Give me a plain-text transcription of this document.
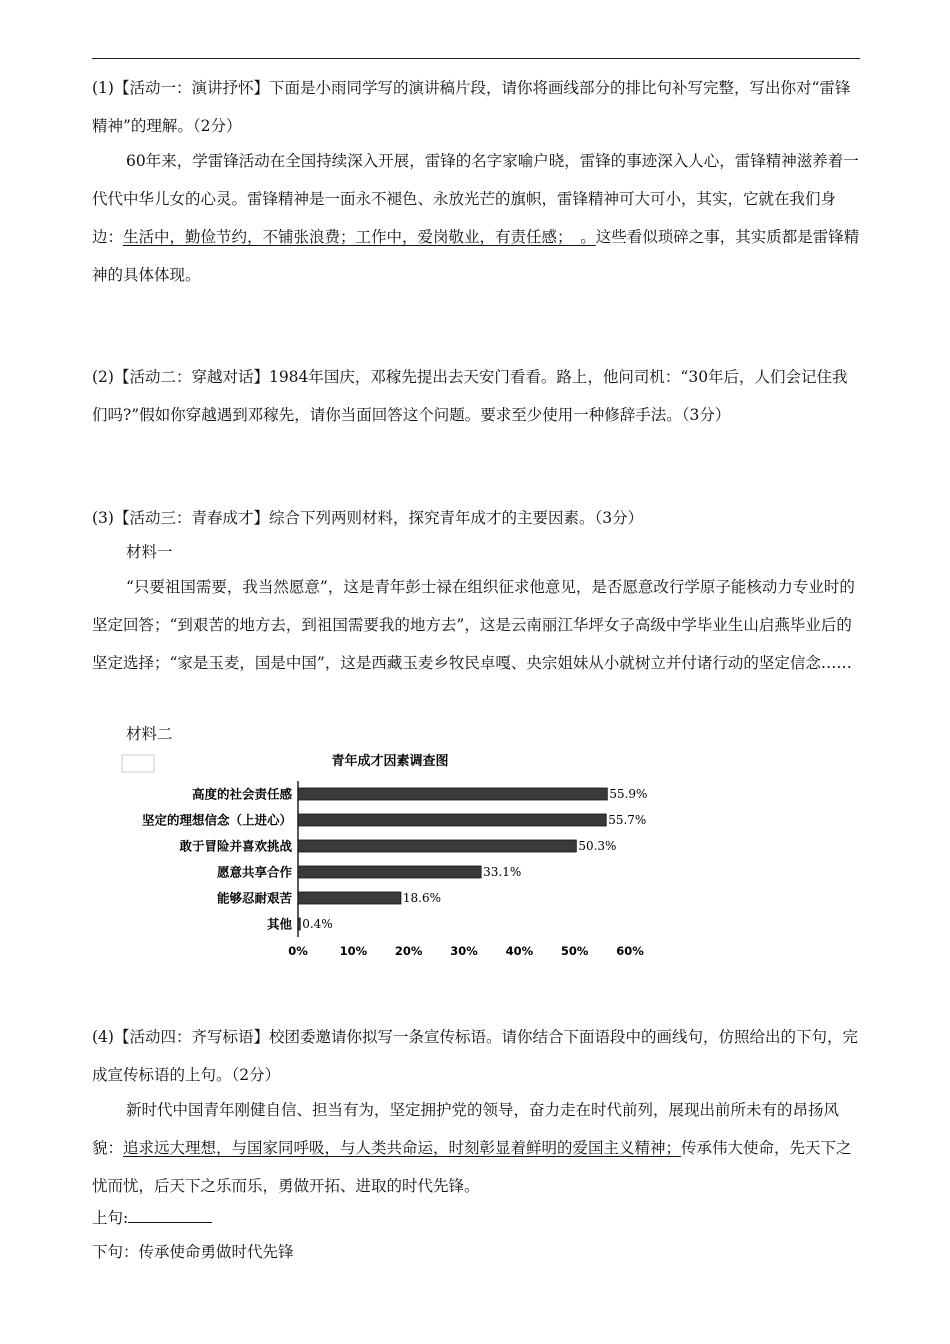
(1)【活动一：演讲抒怀】下面是小雨同学写的演讲稿片段，请你将画线部分的排比句补写完整，写出你对“雷锋精神”的理解。（2分）

60年来，学雷锋活动在全国持续深入开展，雷锋的名字家喻户晓，雷锋的事迹深入人心，雷锋精神滋养着一代代中华儿女的心灵。雷锋精神是一面永不褪色、永放光芒的旗帜，雷锋精神可大可小，其实，它就在我们身边：生活中，勤俭节约，不铺张浪费；工作中，爱岗敬业，有责任感；　。这些看似琐碎之事，其实质都是雷锋精神的具体体现。

(2)【活动二：穿越对话】1984年国庆，邓稼先提出去天安门看看。路上，他问司机：“30年后，人们会记住我们吗?”假如你穿越遇到邓稼先，请你当面回答这个问题。要求至少使用一种修辞手法。（3分）

(3)【活动三：青春成才】综合下列两则材料，探究青年成才的主要因素。（3分）

材料一

“只要祖国需要，我当然愿意”，这是青年彭士禄在组织征求他意见，是否愿意改行学原子能核动力专业时的坚定回答；“到艰苦的地方去，到祖国需要我的地方去”，这是云南丽江华坪女子高级中学毕业生山启燕毕业后的坚定选择；“家是玉麦，国是中国”，这是西藏玉麦乡牧民卓嘎、央宗姐妹从小就树立并付诸行动的坚定信念……

材料二

青年成才因素调查图
高度的社会责任感	55.9%
坚定的理想信念（上进心）	55.7%
敢于冒险并喜欢挑战	50.3%
愿意共享合作	33.1%
能够忍耐艰苦	18.6%
其他 0.4%
0%	10% 20% 30% 40% 50% 60%

(4)【活动四：齐写标语】校团委邀请你拟写一条宣传标语。请你结合下面语段中的画线句，仿照给出的下句，完成宣传标语的上句。（2分）

新时代中国青年刚健自信、担当有为，坚定拥护党的领导，奋力走在时代前列，展现出前所未有的昂扬风貌：追求远大理想，与国家同呼吸，与人类共命运，时刻彰显着鲜明的爱国主义精神；传承伟大使命，先天下之忧而忧，后天下之乐而乐，勇做开拓、进取的时代先锋。

上句:

下句：传承使命勇做时代先锋
